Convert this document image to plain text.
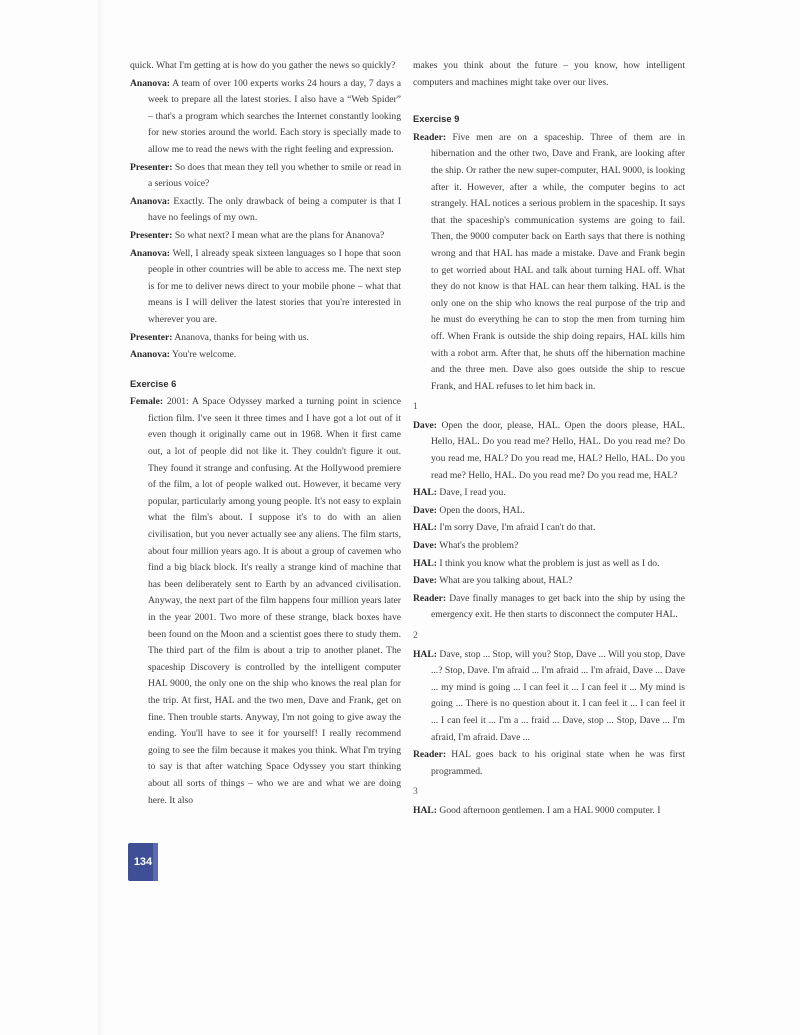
quick. What I'm getting at is how do you gather the news so quickly?
Ananova: A team of over 100 experts works 24 hours a day, 7 days a week to prepare all the latest stories. I also have a “Web Spider” – that's a program which searches the Internet constantly looking for new stories around the world. Each story is specially made to allow me to read the news with the right feeling and expression.
Presenter: So does that mean they tell you whether to smile or read in a serious voice?
Ananova: Exactly. The only drawback of being a computer is that I have no feelings of my own.
Presenter: So what next? I mean what are the plans for Ananova?
Ananova: Well, I already speak sixteen languages so I hope that soon people in other countries will be able to access me. The next step is for me to deliver news direct to your mobile phone – what that means is I will deliver the latest stories that you're interested in wherever you are.
Presenter: Ananova, thanks for being with us.
Ananova: You're welcome.
Exercise 6
Female: 2001: A Space Odyssey marked a turning point in science fiction film. I've seen it three times and I have got a lot out of it even though it originally came out in 1968. When it first came out, a lot of people did not like it. They couldn't figure it out. They found it strange and confusing. At the Hollywood premiere of the film, a lot of people walked out. However, it became very popular, particularly among young people. It's not easy to explain what the film's about. I suppose it's to do with an alien civilisation, but you never actually see any aliens. The film starts, about four million years ago. It is about a group of cavemen who find a big black block. It's really a strange kind of machine that has been deliberately sent to Earth by an advanced civilisation. Anyway, the next part of the film happens four million years later in the year 2001. Two more of these strange, black boxes have been found on the Moon and a scientist goes there to study them. The third part of the film is about a trip to another planet. The spaceship Discovery is controlled by the intelligent computer HAL 9000, the only one on the ship who knows the real plan for the trip. At first, HAL and the two men, Dave and Frank, get on fine. Then trouble starts. Anyway, I'm not going to give away the ending. You'll have to see it for yourself! I really recommend going to see the film because it makes you think. What I'm trying to say is that after watching Space Odyssey you start thinking about all sorts of things – who we are and what we are doing here. It also
makes you think about the future – you know, how intelligent computers and machines might take over our lives.
Exercise 9
Reader: Five men are on a spaceship. Three of them are in hibernation and the other two, Dave and Frank, are looking after the ship. Or rather the new super-computer, HAL 9000, is looking after it. However, after a while, the computer begins to act strangely. HAL notices a serious problem in the spaceship. It says that the spaceship's communication systems are going to fail. Then, the 9000 computer back on Earth says that there is nothing wrong and that HAL has made a mistake. Dave and Frank begin to get worried about HAL and talk about turning HAL off. What they do not know is that HAL can hear them talking. HAL is the only one on the ship who knows the real purpose of the trip and he must do everything he can to stop the men from turning him off. When Frank is outside the ship doing repairs, HAL kills him with a robot arm. After that, he shuts off the hibernation machine and the three men. Dave also goes outside the ship to rescue Frank, and HAL refuses to let him back in.
1
Dave: Open the door, please, HAL. Open the doors please, HAL. Hello, HAL. Do you read me? Hello, HAL. Do you read me? Do you read me, HAL? Do you read me, HAL? Hello, HAL. Do you read me? Hello, HAL. Do you read me? Do you read me, HAL?
HAL: Dave, I read you.
Dave: Open the doors, HAL.
HAL: I'm sorry Dave, I'm afraid I can't do that.
Dave: What's the problem?
HAL: I think you know what the problem is just as well as I do.
Dave: What are you talking about, HAL?
Reader: Dave finally manages to get back into the ship by using the emergency exit. He then starts to disconnect the computer HAL.
2
HAL: Dave, stop ... Stop, will you? Stop, Dave ... Will you stop, Dave ...? Stop, Dave. I'm afraid ... I'm afraid ... I'm afraid, Dave ... Dave ... my mind is going ... I can feel it ... I can feel it ... My mind is going ... There is no question about it. I can feel it ... I can feel it ... I can feel it ... I'm a ... fraid ... Dave, stop ... Stop, Dave ... I'm afraid, I'm afraid. Dave ...
Reader: HAL goes back to his original state when he was first programmed.
3
HAL: Good afternoon gentlemen. I am a HAL 9000 computer. I
134
